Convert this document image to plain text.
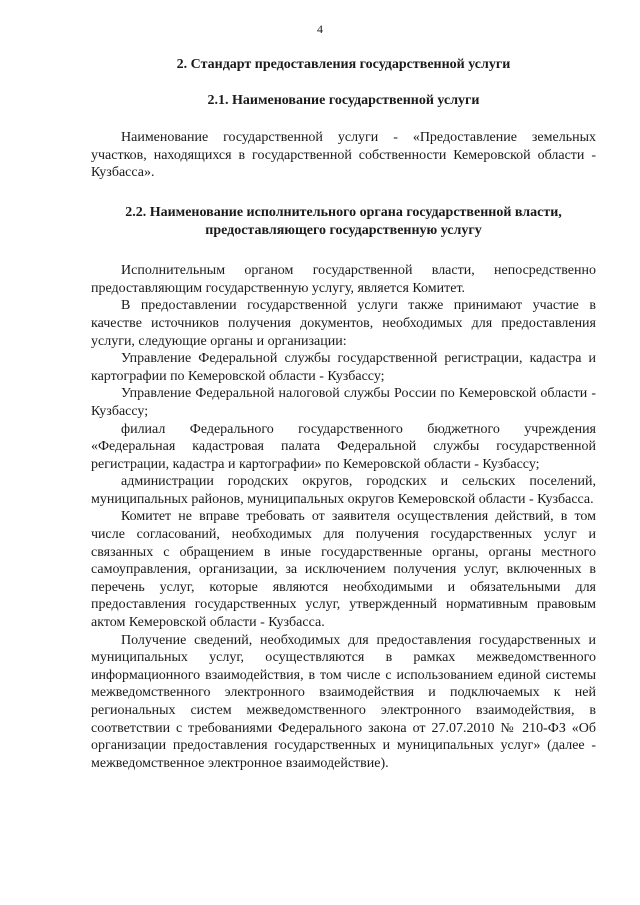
4
2. Стандарт предоставления государственной услуги
2.1. Наименование государственной услуги

Наименование государственной услуги - «Предоставление земельных участков, находящихся в государственной собственности Кемеровской области - Кузбасса».

2.2. Наименование исполнительного органа государственной власти, предоставляющего государственную услугу

Исполнительным органом государственной власти, непосредственно предоставляющим государственную услугу, является Комитет.

В предоставлении государственной услуги также принимают участие в качестве источников получения документов, необходимых для предоставления услуги, следующие органы и организации:

Управление Федеральной службы государственной регистрации, кадастра и картографии по Кемеровской области - Кузбассу;

Управление Федеральной налоговой службы России по Кемеровской области - Кузбассу;

филиал Федерального государственного бюджетного учреждения «Федеральная кадастровая палата Федеральной службы государственной регистрации, кадастра и картографии» по Кемеровской области - Кузбассу;

администрации городских округов, городских и сельских поселений, муниципальных районов, муниципальных округов Кемеровской области - Кузбасса.

Комитет не вправе требовать от заявителя осуществления действий, в том числе согласований, необходимых для получения государственных услуг и связанных с обращением в иные государственные органы, органы местного самоуправления, организации, за исключением получения услуг, включенных в перечень услуг, которые являются необходимыми и обязательными для предоставления государственных услуг, утвержденный нормативным правовым актом Кемеровской области - Кузбасса.

Получение сведений, необходимых для предоставления государственных и муниципальных услуг, осуществляются в рамках межведомственного информационного взаимодействия, в том числе с использованием единой системы межведомственного электронного взаимодействия и подключаемых к ней региональных систем межведомственного электронного взаимодействия, в соответствии с требованиями Федерального закона от 27.07.2010 № 210-ФЗ «Об организации предоставления государственных и муниципальных услуг» (далее - межведомственное электронное взаимодействие).
